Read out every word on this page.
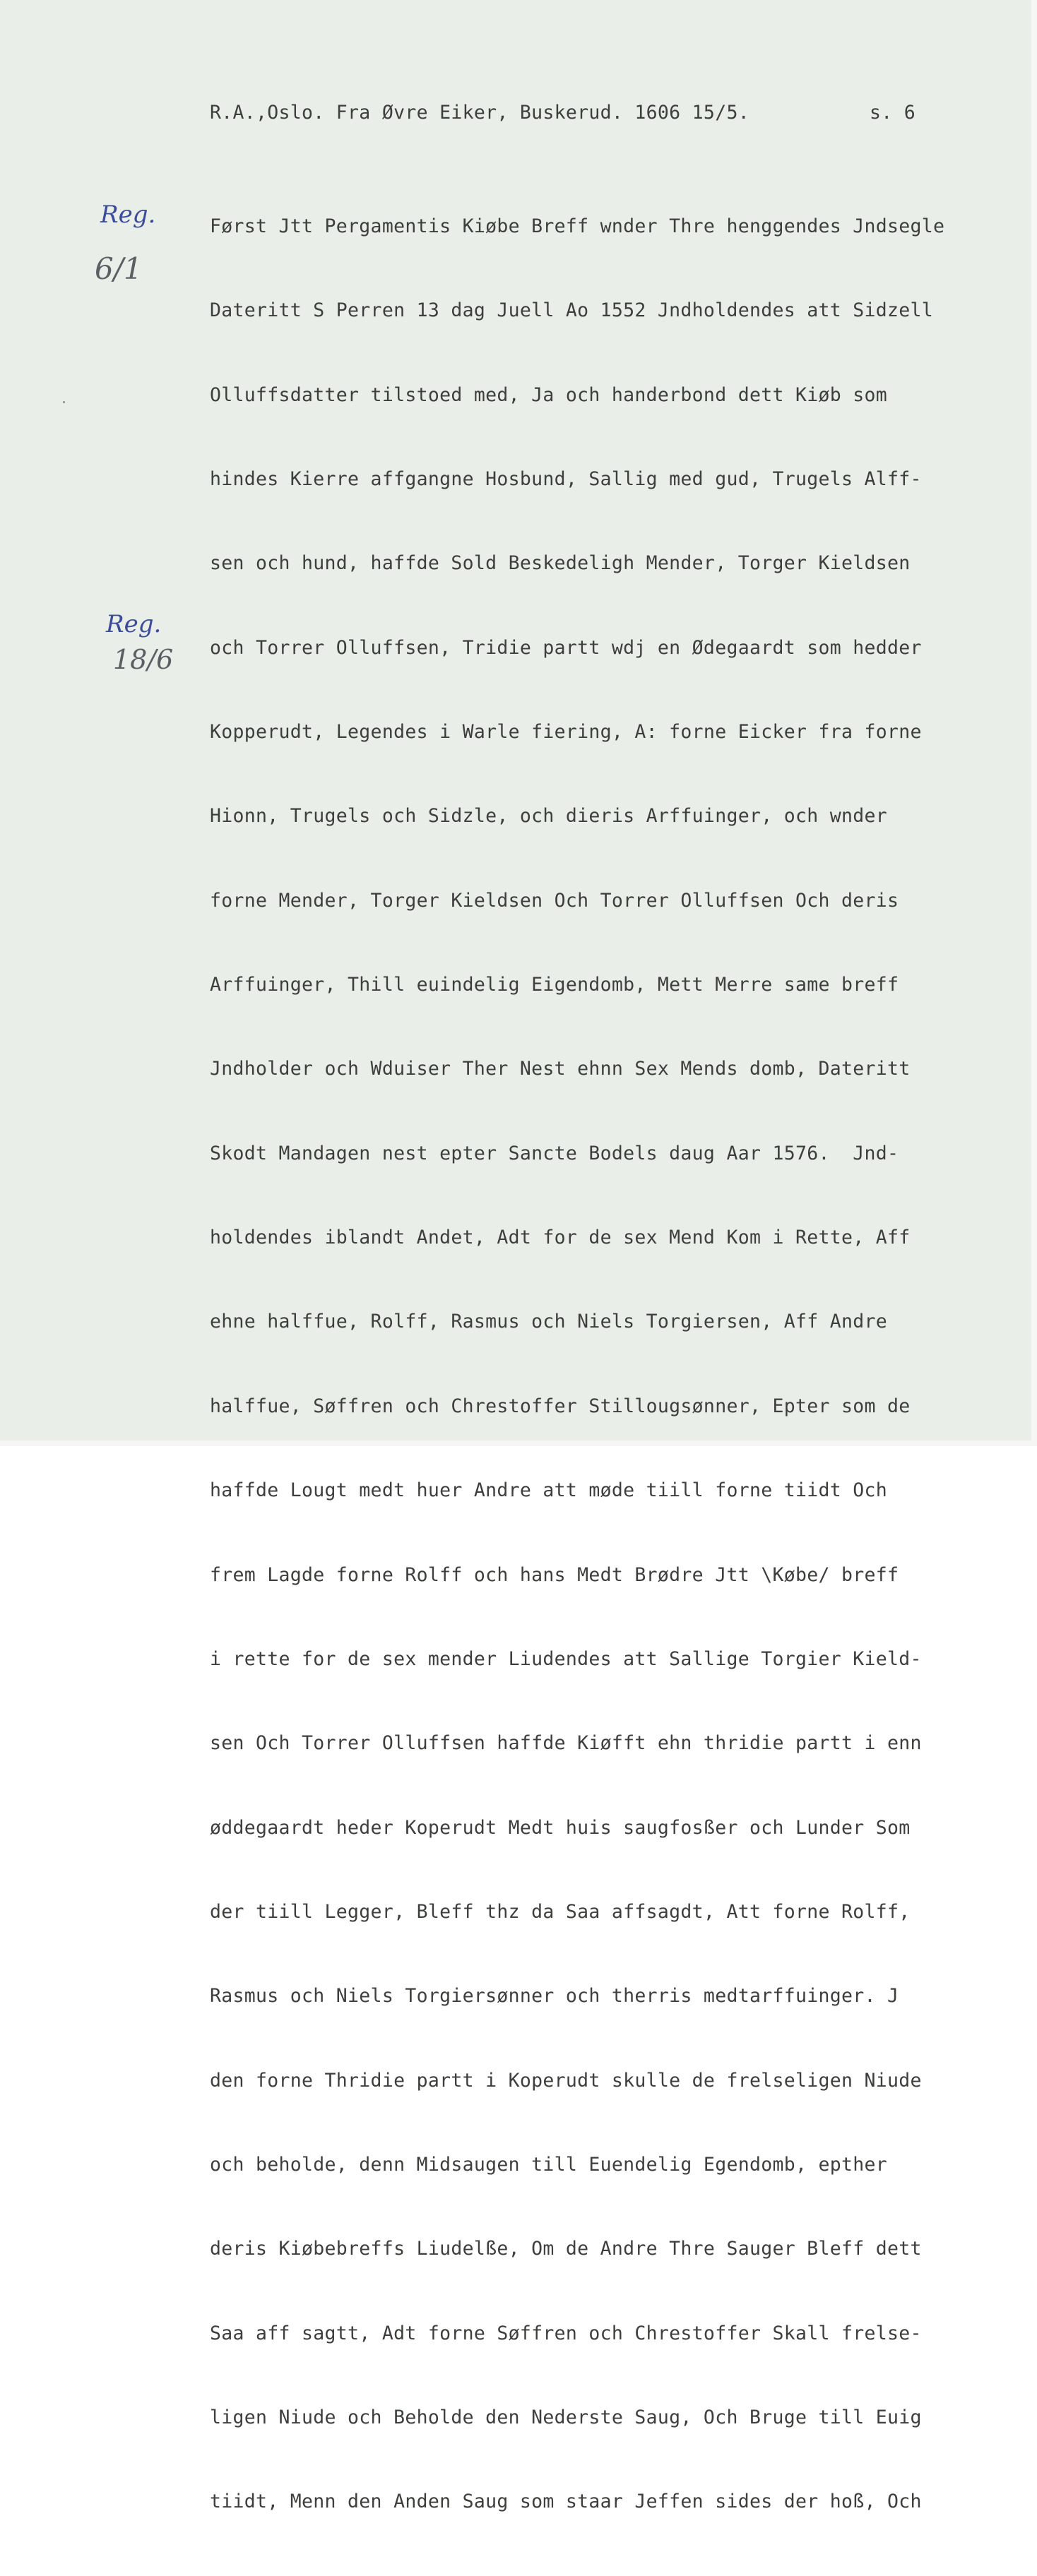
R.A.,Oslo. Fra Øvre Eiker, Buskerud. 1606 15/5.	s. 6
Reg.
6/1
Reg.
18/6

Først Jtt Pergamentis Kiøbe Breff wnder Thre henggendes Jndsegle

Dateritt S Perren 13 dag Juell Ao 1552 Jndholdendes att Sidzell

Olluffsdatter tilstoed med, Ja och handerbond dett Kiøb som

hindes Kierre affgangne Hosbund, Sallig med gud, Trugels Alff-

sen och hund, haffde Sold Beskedeligh Mender, Torger Kieldsen

och Torrer Olluffsen, Tridie partt wdj en Ødegaardt som hedder

Kopperudt, Legendes i Warle fiering, A: forne Eicker fra forne

Hionn, Trugels och Sidzle, och dieris Arffuinger, och wnder

forne Mender, Torger Kieldsen Och Torrer Olluffsen Och deris

Arffuinger, Thill euindelig Eigendomb, Mett Merre same breff

Jndholder och Wduiser Ther Nest ehnn Sex Mends domb, Dateritt

Skodt Mandagen nest epter Sancte Bodels daug Aar 1576.  Jnd-

holdendes iblandt Andet, Adt for de sex Mend Kom i Rette, Aff

ehne halffue, Rolff, Rasmus och Niels Torgiersen, Aff Andre

halffue, Søffren och Chrestoffer Stillougsønner, Epter som de

haffde Lougt medt huer Andre att møde tiill forne tiidt Och

frem Lagde forne Rolff och hans Medt Brødre Jtt \Købe/ breff

i rette for de sex mender Liudendes att Sallige Torgier Kield-

sen Och Torrer Olluffsen haffde Kiøfft ehn thridie partt i enn

øddegaardt heder Koperudt Medt huis saugfosßer och Lunder Som

der tiill Legger, Bleff thz da Saa affsagdt, Att forne Rolff,

Rasmus och Niels Torgiersønner och therris medtarffuinger. J

den forne Thridie partt i Koperudt skulle de frelseligen Niude

och beholde, denn Midsaugen till Euendelig Egendomb, epther

deris Kiøbebreffs Liudelße, Om de Andre Thre Sauger Bleff dett

Saa aff sagtt, Adt forne Søffren och Chrestoffer Skall frelse-

ligen Niude och Beholde den Nederste Saug, Och Bruge till Euig

tiidt, Menn den Anden Saug som staar Jeffen sides der hoß, Och
